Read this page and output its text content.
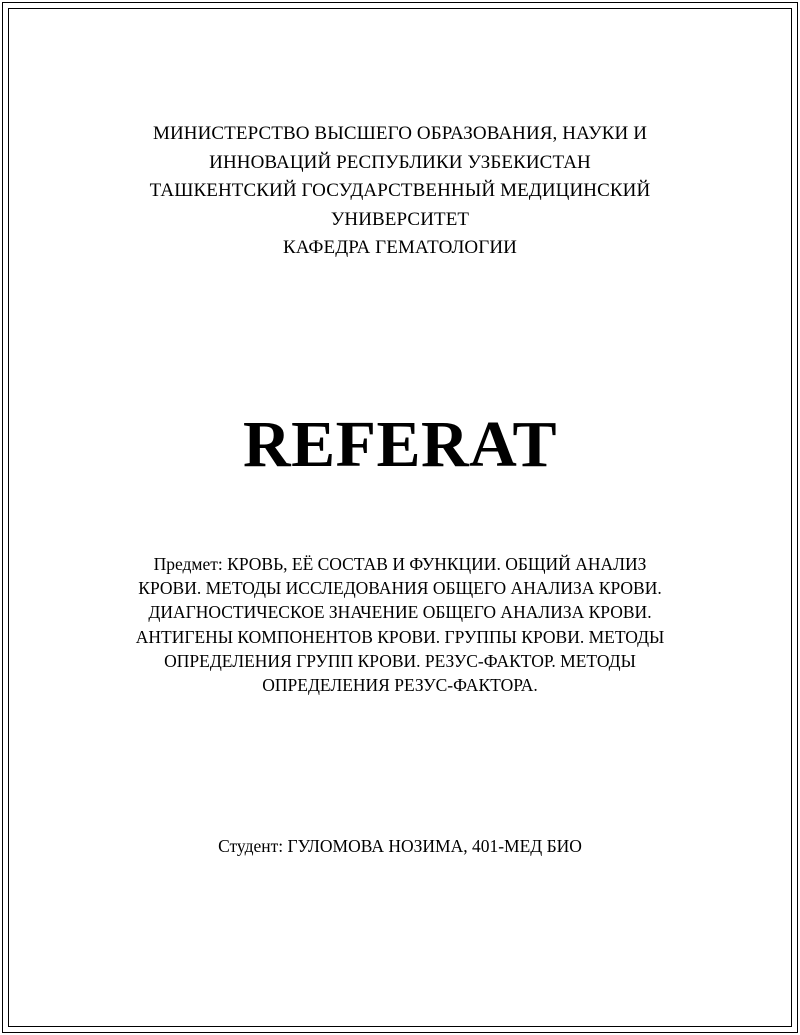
МИНИСТЕРСТВО ВЫСШЕГО ОБРАЗОВАНИЯ, НАУКИ И
ИННОВАЦИЙ РЕСПУБЛИКИ УЗБЕКИСТАН
ТАШКЕНТСКИЙ ГОСУДАРСТВЕННЫЙ МЕДИЦИНСКИЙ
УНИВЕРСИТЕТ
КАФЕДРА ГЕМАТОЛОГИИ
REFERAT
Предмет: КРОВЬ, ЕЁ СОСТАВ И ФУНКЦИИ. ОБЩИЙ АНАЛИЗ
КРОВИ. МЕТОДЫ ИССЛЕДОВАНИЯ ОБЩЕГО АНАЛИЗА КРОВИ.
ДИАГНОСТИЧЕСКОЕ ЗНАЧЕНИЕ ОБЩЕГО АНАЛИЗА КРОВИ.
АНТИГЕНЫ КОМПОНЕНТОВ КРОВИ. ГРУППЫ КРОВИ. МЕТОДЫ
ОПРЕДЕЛЕНИЯ ГРУПП КРОВИ. РЕЗУС-ФАКТОР. МЕТОДЫ
ОПРЕДЕЛЕНИЯ РЕЗУС-ФАКТОРА.
Студент: ГУЛОМОВА НОЗИМА, 401-МЕД БИО
